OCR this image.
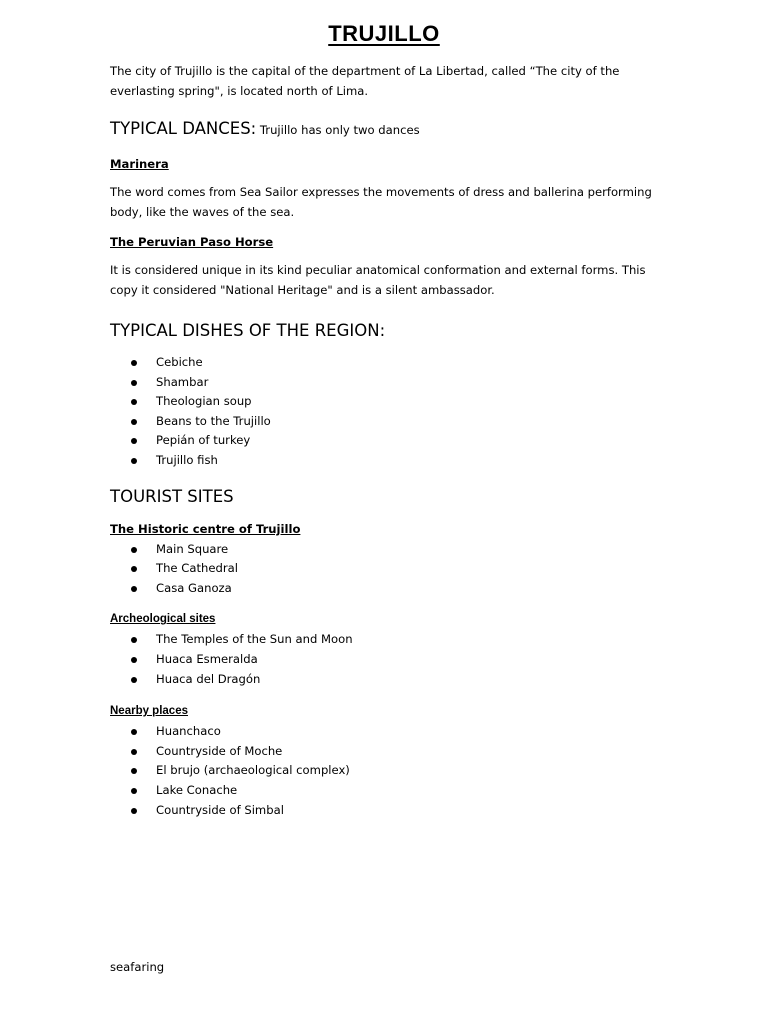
TRUJILLO

The city of Trujillo is the capital of the department of La Libertad, called “The city of the everlasting spring", is located north of Lima.

TYPICAL DANCES: Trujillo has only two dances

Marinera

The word comes from Sea Sailor expresses the movements of dress and ballerina performing body, like the waves of the sea.

The Peruvian Paso Horse

It is considered unique in its kind peculiar anatomical conformation and external forms. This copy it considered "National Heritage" and is a silent ambassador.

TYPICAL DISHES OF THE REGION:
Cebiche
Shambar
Theologian soup
Beans to the Trujillo
Pepián of turkey
Trujillo fish
TOURIST SITES

The Historic centre of Trujillo

Main Square
The Cathedral
Casa Ganoza

Archeological sites

The Temples of the Sun and Moon
Huaca Esmeralda
Huaca del Dragón

Nearby places

Huanchaco
Countryside of Moche
El brujo (archaeological complex)
Lake Conache
Countryside of Simbal

seafaring
